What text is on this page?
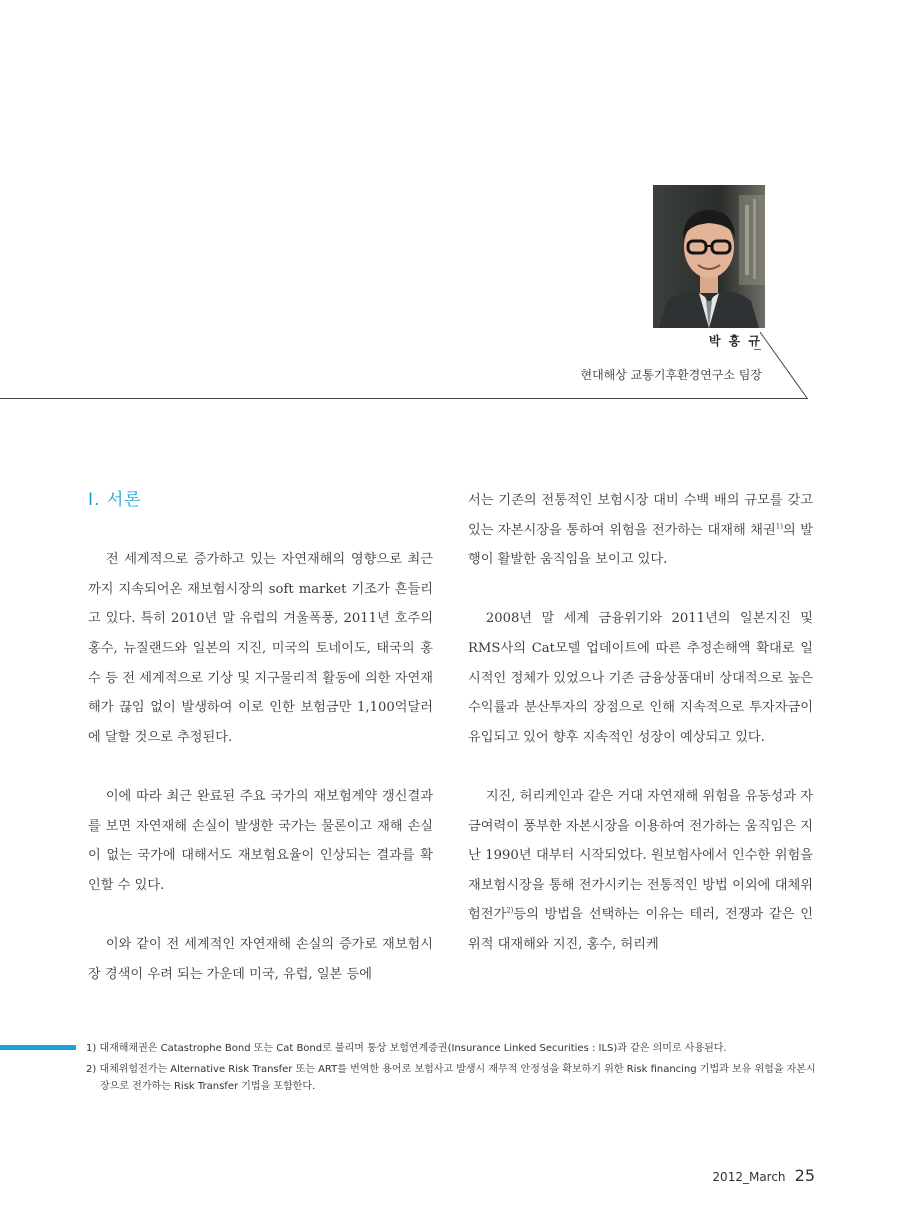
박 홍 규
현대해상 교통기후환경연구소 팀장
Ⅰ. 서론

전 세계적으로 증가하고 있는 자연재해의 영향으로 최근까지 지속되어온 재보험시장의 soft market 기조가 흔들리고 있다. 특히 2010년 말 유럽의 겨울폭풍, 2011년 호주의 홍수, 뉴질랜드와 일본의 지진, 미국의 토네이도, 태국의 홍수 등 전 세계적으로 기상 및 지구물리적 활동에 의한 자연재해가 끊임 없이 발생하여 이로 인한 보험금만 1,100억달러에 달할 것으로 추정된다.

이에 따라 최근 완료된 주요 국가의 재보험계약 갱신결과를 보면 자연재해 손실이 발생한 국가는 물론이고 재해 손실이 없는 국가에 대해서도 재보험요율이 인상되는 결과를 확인할 수 있다.

이와 같이 전 세계적인 자연재해 손실의 증가로 재보험시장 경색이 우려 되는 가운데 미국, 유럽, 일본 등에

서는 기존의 전통적인 보험시장 대비 수백 배의 규모를 갖고 있는 자본시장을 통하여 위험을 전가하는 대재해 채권$^{1)}$의 발행이 활발한 움직임을 보이고 있다.

2008년 말 세계 금융위기와 2011년의 일본지진 및 RMS사의 Cat모델 업데이트에 따른 추정손해액 확대로 일시적인 정체가 있었으나 기존 금융상품대비 상대적으로 높은 수익률과 분산투자의 장점으로 인해 지속적으로 투자자금이 유입되고 있어 향후 지속적인 성장이 예상되고 있다.

지진, 허리케인과 같은 거대 자연재해 위험을 유동성과 자금여력이 풍부한 자본시장을 이용하여 전가하는 움직임은 지난 1990년 대부터 시작되었다. 원보험사에서 인수한 위험을 재보험시장을 통해 전가시키는 전통적인 방법 이외에 대체위험전가$^{2)}$등의 방법을 선택하는 이유는 테러, 전쟁과 같은 인위적 대재해와 지진, 홍수, 허리케

1) 대재해채권은 Catastrophe Bond 또는 Cat Bond로 불리며 통상 보험연계증권(Insurance Linked Securities : ILS)과 같은 의미로 사용된다.

2) 대체위험전가는 Alternative Risk Transfer 또는 ART를 번역한 용어로 보험사고 발생시 재무적 안정성을 확보하기 위한 Risk financing 기법과 보유 위험을 자본시장으로 전가하는 Risk Transfer 기법을 포함한다.

2012_March 25
